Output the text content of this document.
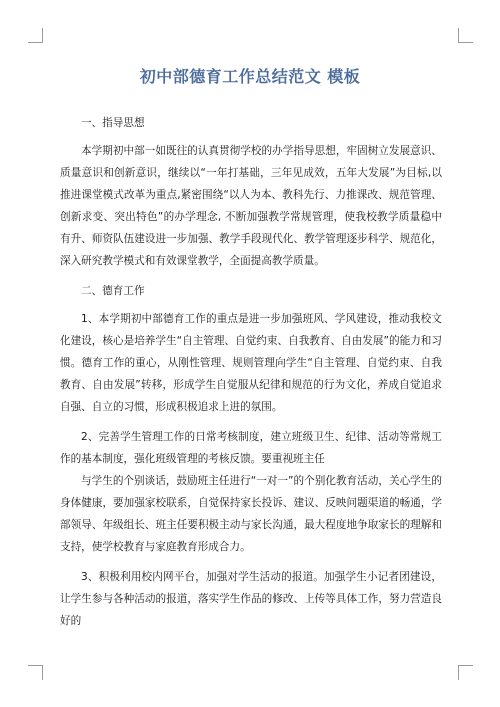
初中部德育工作总结范文 模板

一、指导思想

本学期初中部一如既往的认真贯彻学校的办学指导思想，牢固树立发展意识、质量意识和创新意识，继续以“一年打基础，三年见成效，五年大发展”为目标,以推进课堂模式改革为重点,紧密围绕“以人为本、教科先行、力推课改、规范管理、创新求变、突出特色”的办学理念, 不断加强教学常规管理，使我校教学质量稳中有升、师资队伍建设进一步加强、教学手段现代化、教学管理逐步科学、规范化，深入研究教学模式和有效课堂教学，全面提高教学质量。

二、德育工作

1、本学期初中部德育工作的重点是进一步加强班风、学风建设，推动我校文化建设，核心是培养学生“自主管理、自觉约束、自我教育、自由发展”的能力和习惯。德育工作的重心，从刚性管理、规则管理向学生“自主管理、自觉约束、自我教育、自由发展”转移，形成学生自觉服从纪律和规范的行为文化，养成自觉追求自强、自立的习惯，形成积极追求上进的氛围。

2、完善学生管理工作的日常考核制度，建立班级卫生、纪律、活动等常规工作的基本制度，强化班级管理的考核反馈。要重视班主任

与学生的个别谈话，鼓励班主任进行“一对一”的个别化教育活动，关心学生的身体健康，要加强家校联系，自觉保持家长投诉、建议、反映问题渠道的畅通，学部领导、年级组长、班主任要积极主动与家长沟通，最大程度地争取家长的理解和支持，使学校教育与家庭教育形成合力。

3、积极利用校内网平台，加强对学生活动的报道。加强学生小记者团建设，让学生参与各种活动的报道，落实学生作品的修改、上传等具体工作，努力营造良好的
